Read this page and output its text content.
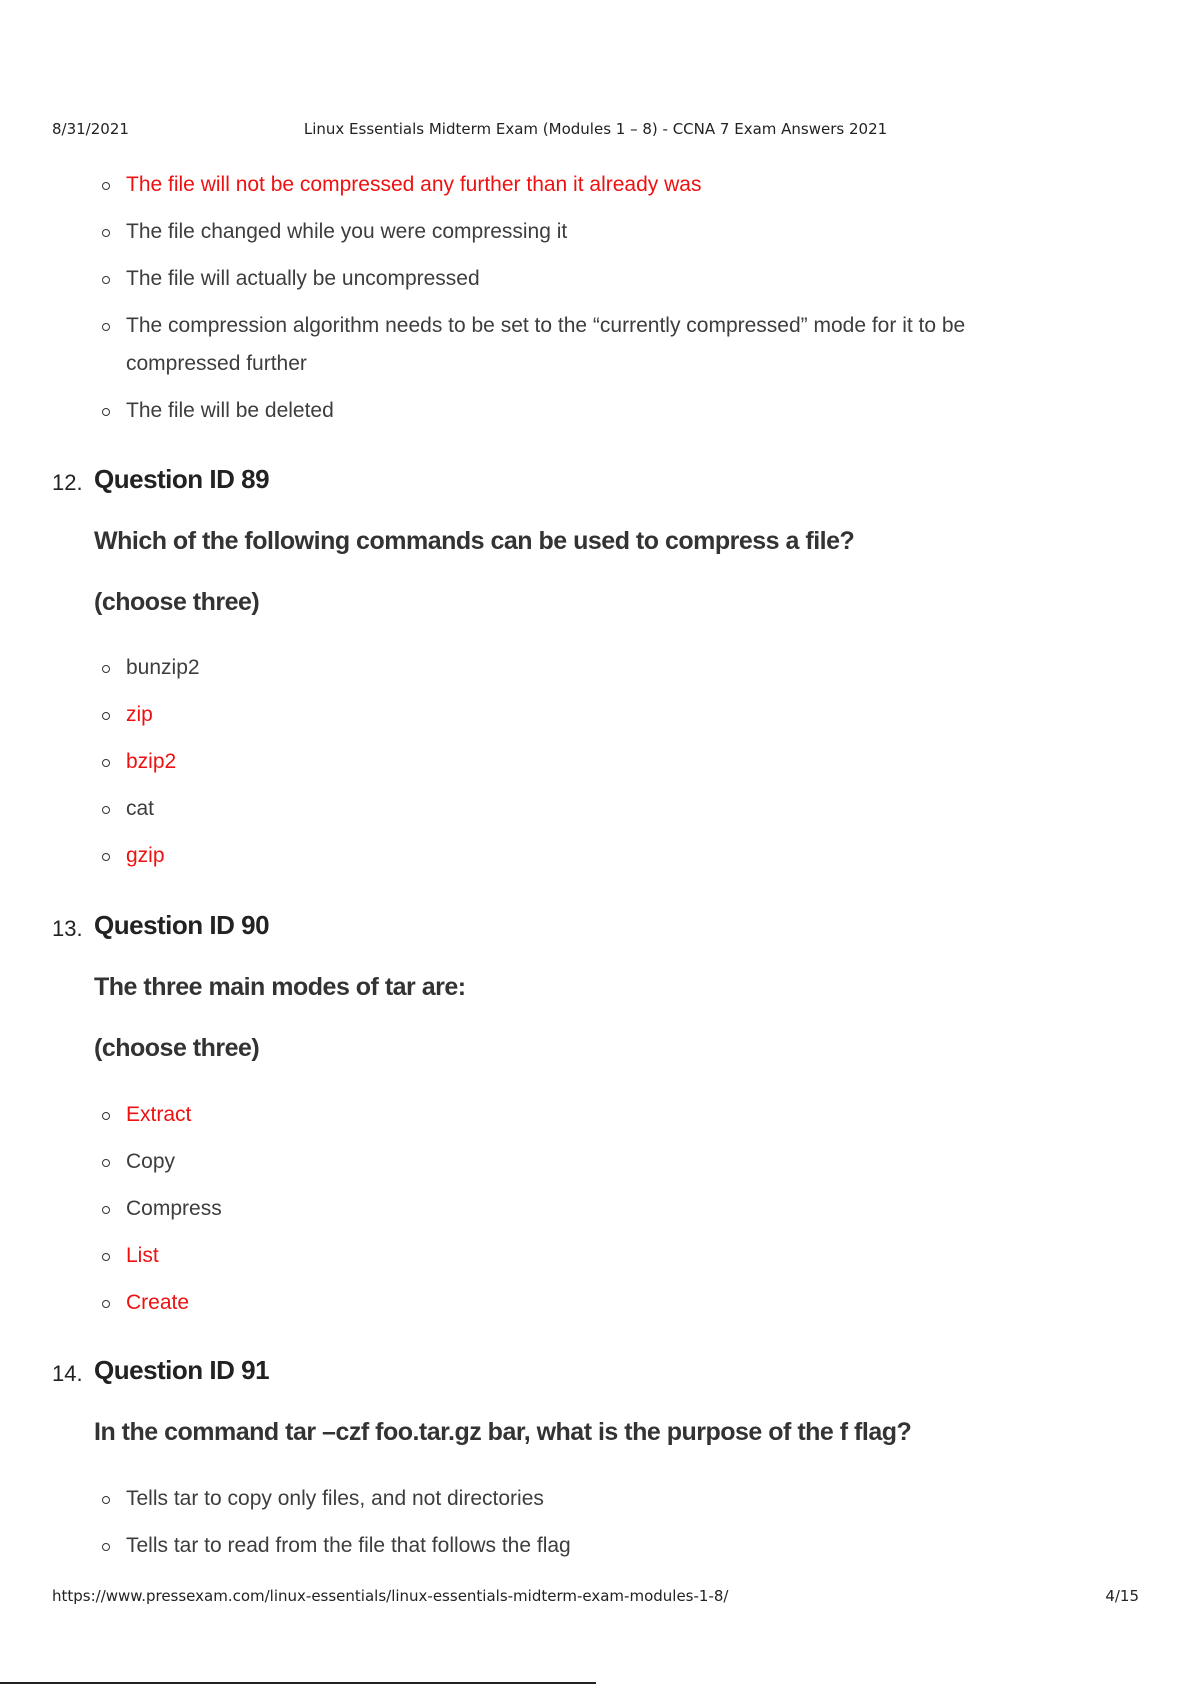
8/31/2021	Linux Essentials Midterm Exam (Modules 1 – 8) - CCNA 7 Exam Answers 2021
The file will not be compressed any further than it already was
The file changed while you were compressing it
The file will actually be uncompressed
The compression algorithm needs to be set to the “currently compressed” mode for it to be compressed further
The file will be deleted
12. Question ID 89
Which of the following commands can be used to compress a file?
(choose three)
bunzip2
zip
bzip2
cat
gzip
13. Question ID 90
The three main modes of tar are:
(choose three)
Extract
Copy
Compress
List
Create
14. Question ID 91
In the command tar –czf foo.tar.gz bar, what is the purpose of the f flag?
Tells tar to copy only files, and not directories
Tells tar to read from the file that follows the flag
https://www.pressexam.com/linux-essentials/linux-essentials-midterm-exam-modules-1-8/	4/15
